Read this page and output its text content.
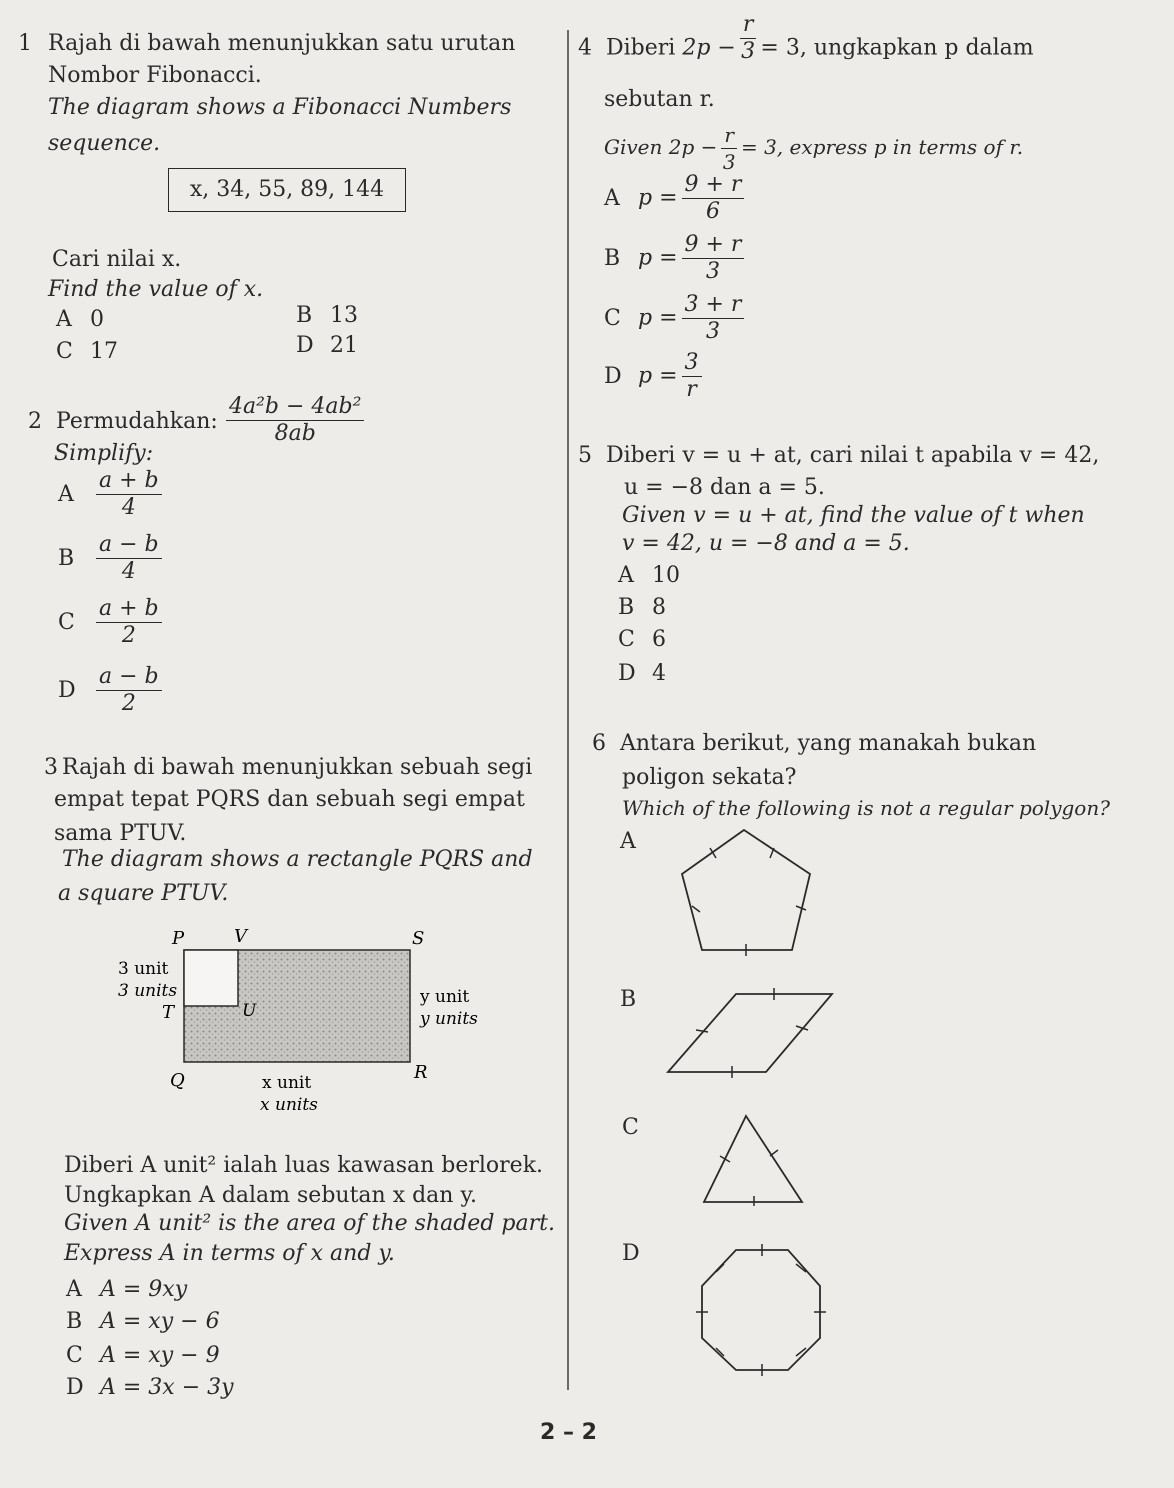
1 Rajah di bawah menunjukkan satu urutan
Nombor Fibonacci.
The diagram shows a Fibonacci Numbers
sequence.
x, 34, 55, 89, 144
Cari nilai x.
Find the value of x.
A 0	B 13
C 17	D 21
2 Permudahkan:
Simplify:
$\frac{\text{4a²b − 4ab²}}{8ab}$
A $\frac{a + b}{4}$
B $\frac{a - b}{4}$
C $\frac{a + b}{2}$
D $\frac{a - b}{2}$
3 Rajah di bawah menunjukkan sebuah segi
empat tepat PQRS dan sebuah segi empat
sama PTUV.
The diagram shows a rectangle PQRS and
a square PTUV.
P	V	S
3 unit
3 units
T	U
y unit
y units
Q	R
x unit
x units
Diberi A unit² ialah luas kawasan berlorek.
Ungkapkan A dalam sebutan x dan y.
Given A unit² is the area of the shaded part.
Express A in terms of x and y.
A A = 9xy
B A = xy − 6
C A = xy − 9
D A = 3x − 3y
4 Diberi $2p - \frac{r}{3} = 3$, ungkapkan p dalam
sebutan r.
Given $2p - \frac{r}{3} = 3$, express p in terms of r.
A $p = \frac{9 + r}{6}$
B $p = \frac{9 + r}{3}$
C $p = \frac{3 + r}{3}$
D $p = \frac{3}{r}$
5 Diberi v = u + at, cari nilai t apabila v = 42,
u = −8 dan a = 5.
Given v = u + at, find the value of t when
v = 42, u = −8 and a = 5.
A 10
B 8
C 6
D 4
6 Antara berikut, yang manakah bukan
poligon sekata?
Which of the following is not a regular polygon?
A
B
C
D
2 – 2
